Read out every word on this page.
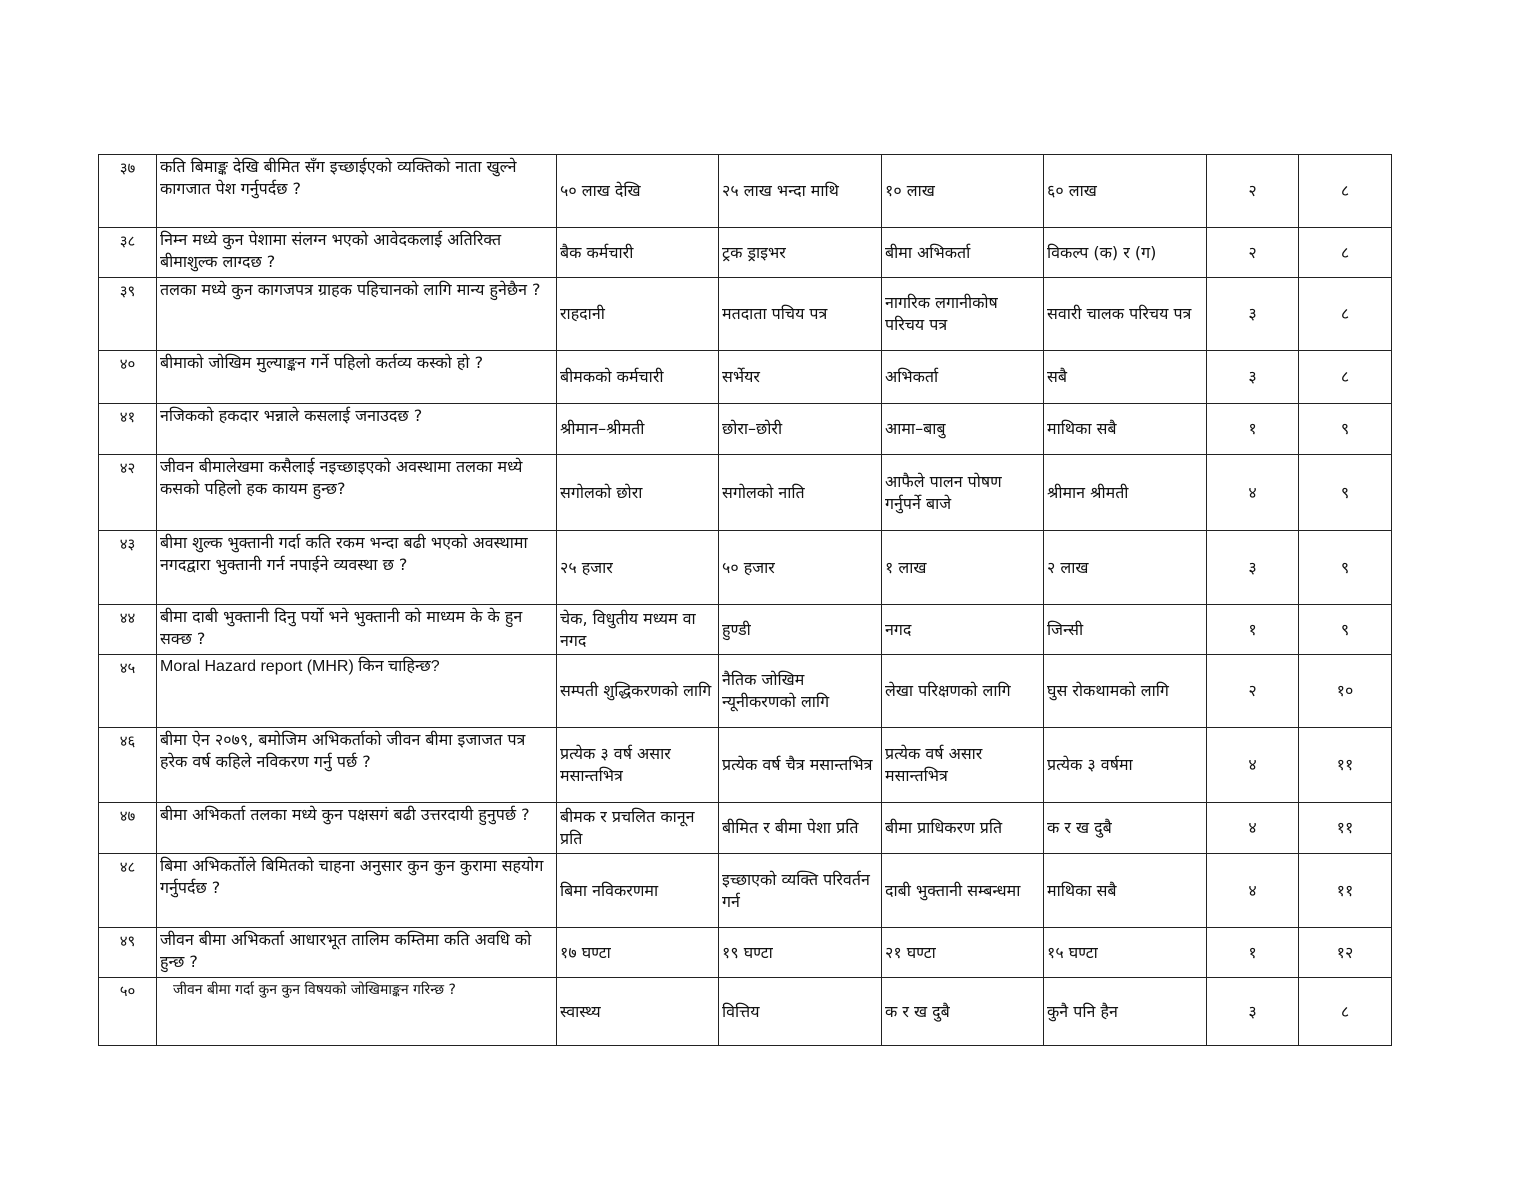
३७	कति बिमाङ्क देखि बीमित सँग इच्छाईएको व्यक्तिको नाता खुल्ने कागजात पेश गर्नुपर्दछ ?	५० लाख देखि	२५ लाख भन्दा माथि	१० लाख	६० लाख	२	८
३८	निम्न मध्ये कुन पेशामा संलग्न भएको आवेदकलाई अतिरिक्त बीमाशुल्क लाग्दछ ?	बैक कर्मचारी	ट्रक ड्राइभर	बीमा अभिकर्ता	विकल्प (क) र (ग)	२	८
३९	तलका मध्ये कुन कागजपत्र ग्राहक पहिचानको लागि मान्य हुनेछैन ?	राहदानी	मतदाता पचिय पत्र	नागरिक लगानीकोष परिचय पत्र	सवारी चालक परिचय पत्र	३	८
४०	बीमाको जोखिम मुल्याङ्कन गर्ने पहिलो कर्तव्य कस्को हो ?	बीमकको कर्मचारी	सर्भेयर	अभिकर्ता	सबै	३	८
४१	नजिकको हकदार भन्नाले कसलाई जनाउदछ ?	श्रीमान–श्रीमती	छोरा–छोरी	आमा–बाबु	माथिका सबै	१	९
४२	जीवन बीमालेखमा कसैलाई नइच्छाइएको अवस्थामा तलका मध्ये कसको पहिलो हक कायम हुन्छ?	सगोलको छोरा	सगोलको नाति	आफैले पालन पोषण गर्नुपर्ने बाजे	श्रीमान श्रीमती	४	९
४३	बीमा शुल्क भुक्तानी गर्दा कति रकम भन्दा बढी भएको अवस्थामा नगदद्वारा भुक्तानी गर्न नपाईने व्यवस्था छ ?	२५ हजार	५० हजार	१ लाख	२ लाख	३	९
४४	बीमा दाबी भुक्तानी दिनु पर्यो भने भुक्तानी को माध्यम के के हुन सक्छ ?	चेक, विधुतीय मध्यम वा नगद	हुण्डी	नगद	जिन्सी	१	९
४५	Moral Hazard report (MHR) किन चाहिन्छ?	सम्पती शुद्धिकरणको लागि	नैतिक जोखिम न्यूनीकरणको लागि	लेखा परिक्षणको लागि	घुस रोकथामको लागि	२	१०
४६	बीमा ऐन २०७९, बमोजिम अभिकर्ताको जीवन बीमा इजाजत पत्र हरेक वर्ष कहिले नविकरण गर्नु पर्छ ?	प्रत्येक ३ वर्ष असार मसान्तभित्र	प्रत्येक वर्ष चैत्र मसान्तभित्र	प्रत्येक वर्ष असार मसान्तभित्र	प्रत्येक ३ वर्षमा	४	११
४७	बीमा अभिकर्ता तलका मध्ये कुन पक्षसगं बढी उत्तरदायी हुनुपर्छ ?	बीमक र प्रचलित कानून प्रति	बीमित र बीमा पेशा प्रति	बीमा प्राधिकरण प्रति	क र ख दुबै	४	११
४८	बिमा अभिकर्तोले बिमितको चाहना अनुसार कुन कुन कुरामा सहयोग गर्नुपर्दछ ?	बिमा नविकरणमा	इच्छाएको व्यक्ति परिवर्तन गर्न	दाबी भुक्तानी सम्बन्धमा	माथिका सबै	४	११
४९	जीवन बीमा अभिकर्ता आधारभूत तालिम कम्तिमा कति अवधि को हुन्छ ?	१७ घण्टा	१९ घण्टा	२१ घण्टा	१५ घण्टा	१	१२
५०	जीवन बीमा गर्दा कुन कुन विषयको जोखिमाङ्कन गरिन्छ ?	स्वास्थ्य	वित्तिय	क र ख दुबै	कुनै पनि हैन	३	८
